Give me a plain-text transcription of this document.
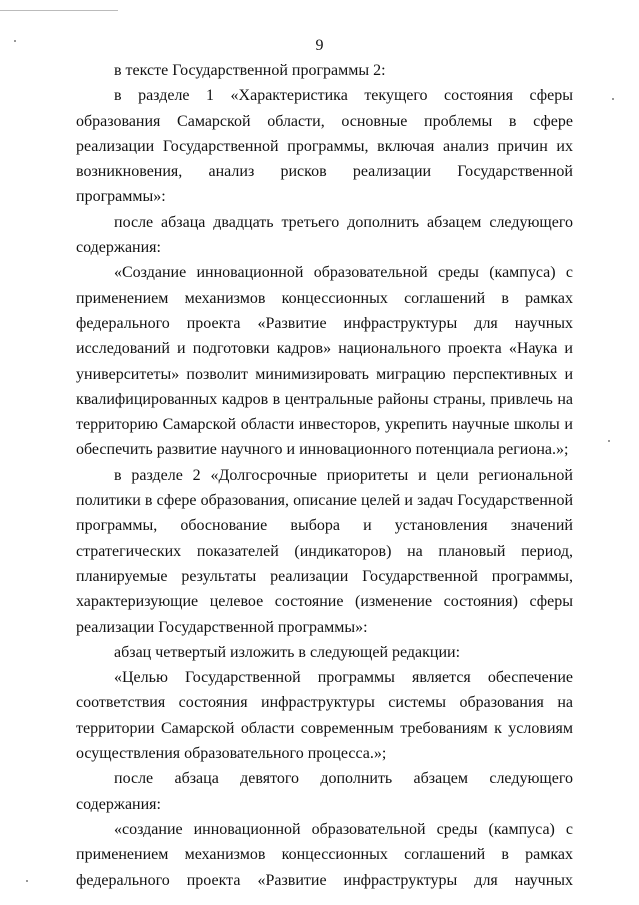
9

в тексте Государственной программы 2:

в разделе 1 «Характеристика текущего состояния сферы образования Самарской области, основные проблемы в сфере реализации Государственной программы, включая анализ причин их возникновения, анализ рисков реализации Государственной программы»:

после абзаца двадцать третьего дополнить абзацем следующего содержания:

«Создание инновационной образовательной среды (кампуса) с применением механизмов концессионных соглашений в рамках федерального проекта «Развитие инфраструктуры для научных исследований и подготовки кадров» национального проекта «Наука и университеты» позволит минимизировать миграцию перспективных и квалифицированных кадров в центральные районы страны, привлечь на территорию Самарской области инвесторов, укрепить научные школы и обеспечить развитие научного и инновационного потенциала региона.»;

в разделе 2 «Долгосрочные приоритеты и цели региональной политики в сфере образования, описание целей и задач Государственной программы, обоснование выбора и установления значений стратегических показателей (индикаторов) на плановый период, планируемые результаты реализации Государственной программы, характеризующие целевое состояние (изменение состояния) сферы реализации Государственной программы»:

абзац четвертый изложить в следующей редакции:

«Целью Государственной программы является обеспечение соответствия состояния инфраструктуры системы образования на территории Самарской области современным требованиям к условиям осуществления образовательного процесса.»;

после абзаца девятого дополнить абзацем следующего содержания:

«создание инновационной образовательной среды (кампуса) с применением механизмов концессионных соглашений в рамках федерального проекта «Развитие инфраструктуры для научных
